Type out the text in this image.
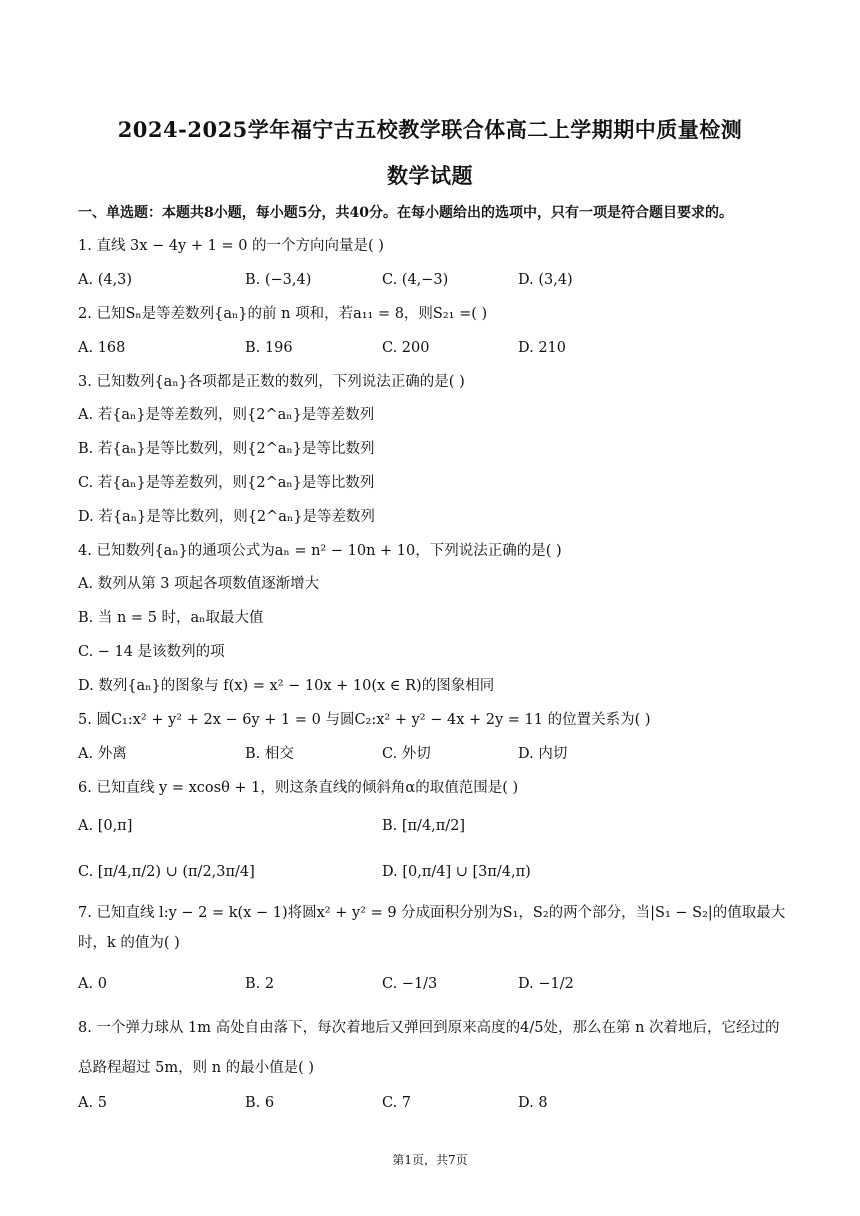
2024-2025学年福宁古五校教学联合体高二上学期期中质量检测
数学试题
一、单选题：本题共8小题，每小题5分，共40分。在每小题给出的选项中，只有一项是符合题目要求的。
1. 直线 3x − 4y + 1 = 0 的一个方向向量是( )
A. (4,3)	B. (−3,4)	C. (4,−3)	D. (3,4)
2. 已知Sₙ是等差数列{aₙ}的前 n 项和，若a₁₁ = 8，则S₂₁ =( )
A. 168	B. 196	C. 200	D. 210
3. 已知数列{aₙ}各项都是正数的数列，下列说法正确的是( )
A. 若{aₙ}是等差数列，则{2^aₙ}是等差数列
B. 若{aₙ}是等比数列，则{2^aₙ}是等比数列
C. 若{aₙ}是等差数列，则{2^aₙ}是等比数列
D. 若{aₙ}是等比数列，则{2^aₙ}是等差数列
4. 已知数列{aₙ}的通项公式为aₙ = n² − 10n + 10，下列说法正确的是( )
A. 数列从第 3 项起各项数值逐渐增大
B. 当 n = 5 时，aₙ取最大值
C. − 14 是该数列的项
D. 数列{aₙ}的图象与 f(x) = x² − 10x + 10(x ∈ R)的图象相同
5. 圆C₁:x² + y² + 2x − 6y + 1 = 0 与圆C₂:x² + y² − 4x + 2y = 11 的位置关系为( )
A. 外离	B. 相交	C. 外切	D. 内切
6. 已知直线 y = xcosθ + 1，则这条直线的倾斜角α的取值范围是( )
A. [0,π]	B. [π/4,π/2]
C. [π/4,π/2) ∪ (π/2,3π/4]	D. [0,π/4] ∪ [3π/4,π)
7. 已知直线 l:y − 2 = k(x − 1)将圆x² + y² = 9 分成面积分别为S₁，S₂的两个部分，当|S₁ − S₂|的值取最大
时，k 的值为( )
A. 0	B. 2	C. −1/3	D. −1/2
8. 一个弹力球从 1m 高处自由落下，每次着地后又弹回到原来高度的4/5处，那么在第 n 次着地后，它经过的
总路程超过 5m，则 n 的最小值是( )
A. 5	B. 6	C. 7	D. 8
第1页，共7页
